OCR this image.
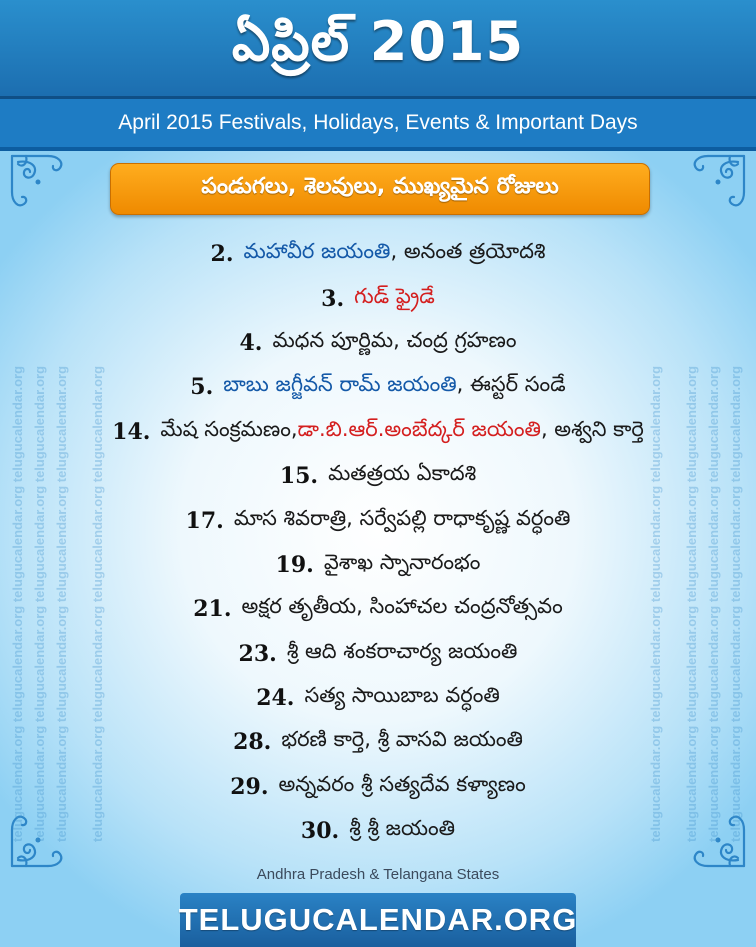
ఏప్రిల్ 2015
April 2015 Festivals, Holidays, Events & Important Days
telugucalendar.org telugucalendar.org telugucalendar.org telugucalendar.org telugucalendar.org telugucalendar.org telugucalendar.org telugucalendar.org telugucalendar.org telugucalendar.org telugucalendar.org telugucalendar.org telugucalendar.org telugucalendar.org telugucalendar.org telugucalendar.org	telugucalendar.org telugucalendar.org telugucalendar.org telugucalendar.org telugucalendar.org telugucalendar.org telugucalendar.org telugucalendar.org telugucalendar.org telugucalendar.org telugucalendar.org telugucalendar.org telugucalendar.org telugucalendar.org telugucalendar.org telugucalendar.org
పండుగలు, శెలవులు, ముఖ్యమైన రోజులు
2. మహావీర జయంతి , అనంత త్రయోదశి
3. గుడ్ ఫ్రైడే
4. మధన పూర్ణిమ, చంద్ర గ్రహణం
5. బాబు జగ్జీవన్ రామ్ జయంతి , ఈస్టర్ సండే
14. మేష సంక్రమణం, డా.బి.ఆర్.అంబేద్కర్ జయంతి , అశ్వని కార్తె
15. మతత్రయ ఏకాదశి
17. మాస శివరాత్రి, సర్వేపల్లి రాధాకృష్ణ వర్ధంతి
19. వైశాఖ స్నానారంభం
21. అక్షర తృతీయ, సింహాచల చంద్రనోత్సవం
23. శ్రీ ఆది శంకరాచార్య జయంతి
24. సత్య సాయిబాబ వర్ధంతి
28. భరణి కార్తె, శ్రీ వాసవి జయంతి
29. అన్నవరం శ్రీ సత్యదేవ కళ్యాణం
30. శ్రీ శ్రీ జయంతి
Andhra Pradesh & Telangana States
TELUGUCALENDAR.ORG
